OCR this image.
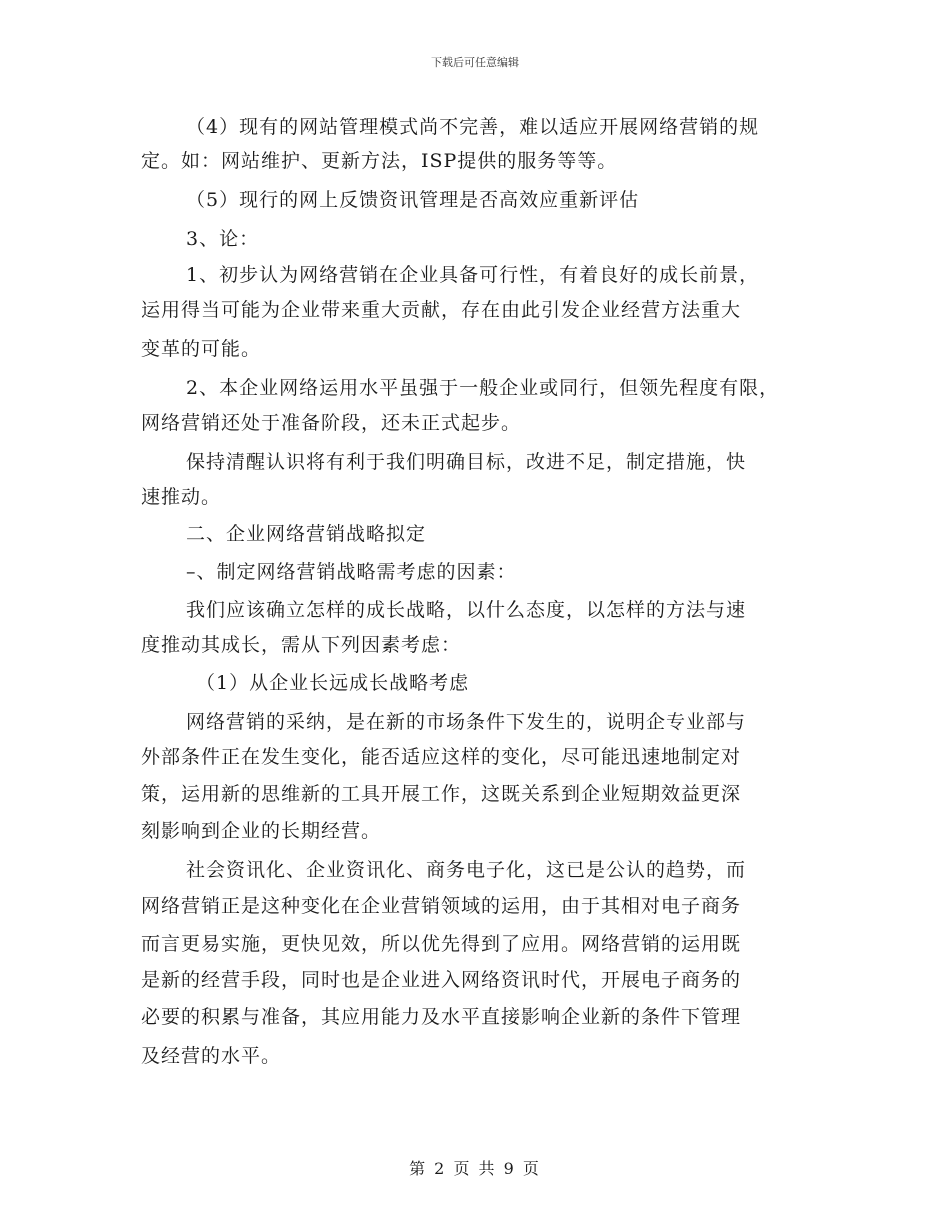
下载后可任意编辑
（4）现有的网站管理模式尚不完善，难以适应开展网络营销的规
定。如：网站维护、更新方法，ISP提供的服务等等。
（5）现行的网上反馈资讯管理是否高效应重新评估
3、论：
1、初步认为网络营销在企业具备可行性，有着良好的成长前景，
运用得当可能为企业带来重大贡献，存在由此引发企业经营方法重大
变革的可能。
2、本企业网络运用水平虽强于一般企业或同行，但领先程度有限，
网络营销还处于准备阶段，还未正式起步。
保持清醒认识将有利于我们明确目标，改进不足，制定措施，快
速推动。
二、企业网络营销战略拟定
–、制定网络营销战略需考虑的因素：
我们应该确立怎样的成长战略，以什么态度，以怎样的方法与速
度推动其成长，需从下列因素考虑：
（1）从企业长远成长战略考虑
网络营销的采纳，是在新的市场条件下发生的，说明企专业部与
外部条件正在发生变化，能否适应这样的变化，尽可能迅速地制定对
策，运用新的思维新的工具开展工作，这既关系到企业短期效益更深
刻影响到企业的长期经营。
社会资讯化、企业资讯化、商务电子化，这已是公认的趋势，而
网络营销正是这种变化在企业营销领域的运用，由于其相对电子商务
而言更易实施，更快见效，所以优先得到了应用。网络营销的运用既
是新的经营手段，同时也是企业进入网络资讯时代，开展电子商务的
必要的积累与准备，其应用能力及水平直接影响企业新的条件下管理
及经营的水平。
第 2 页 共 9 页
